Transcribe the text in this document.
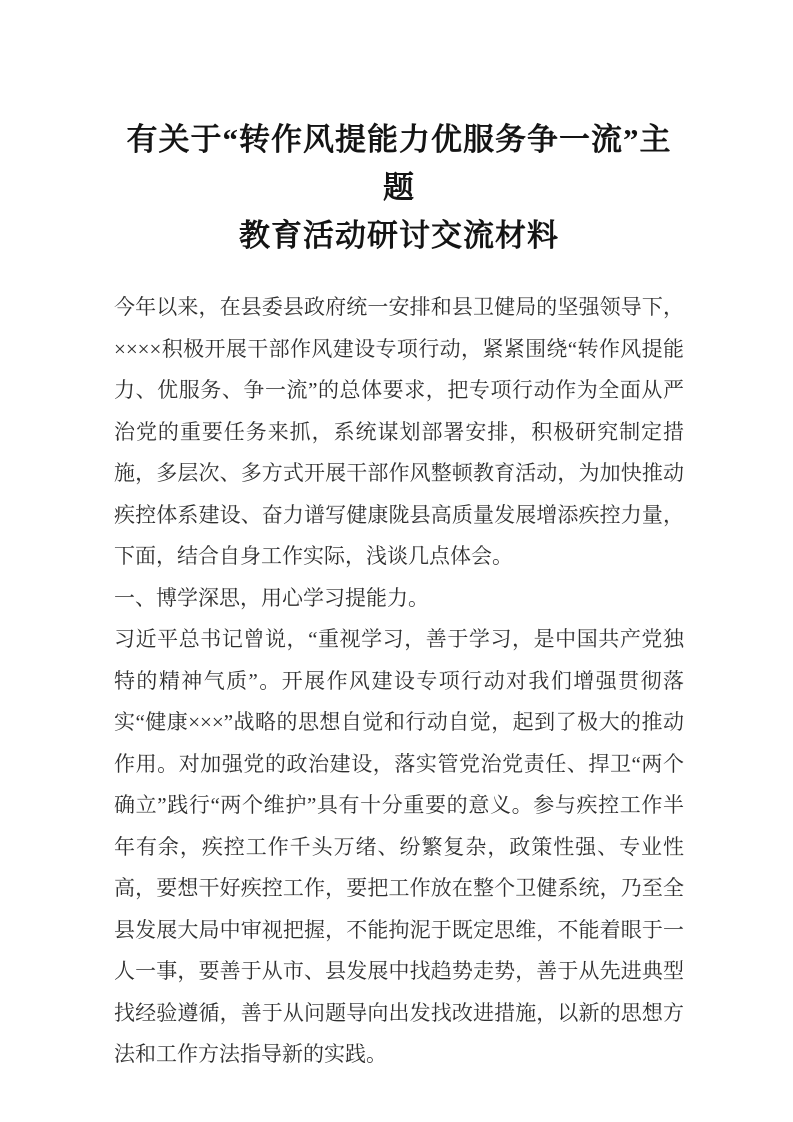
有关于“转作风提能力优服务争一流”主题
教育活动研讨交流材料

今年以来，在县委县政府统一安排和县卫健局的坚强领导下，××××积极开展干部作风建设专项行动，紧紧围绕“转作风提能力、优服务、争一流”的总体要求，把专项行动作为全面从严治党的重要任务来抓，系统谋划部署安排，积极研究制定措施，多层次、多方式开展干部作风整顿教育活动，为加快推动疾控体系建设、奋力谱写健康陇县高质量发展增添疾控力量，下面，结合自身工作实际，浅谈几点体会。

一、博学深思，用心学习提能力。

习近平总书记曾说，“重视学习，善于学习，是中国共产党独特的精神气质”。开展作风建设专项行动对我们增强贯彻落实“健康×××”战略的思想自觉和行动自觉，起到了极大的推动作用。对加强党的政治建设，落实管党治党责任、捍卫“两个确立”践行“两个维护”具有十分重要的意义。参与疾控工作半年有余，疾控工作千头万绪、纷繁复杂，政策性强、专业性高，要想干好疾控工作，要把工作放在整个卫健系统，乃至全县发展大局中审视把握，不能拘泥于既定思维，不能着眼于一人一事，要善于从市、县发展中找趋势走势，善于从先进典型找经验遵循，善于从问题导向出发找改进措施，以新的思想方法和工作方法指导新的实践。
